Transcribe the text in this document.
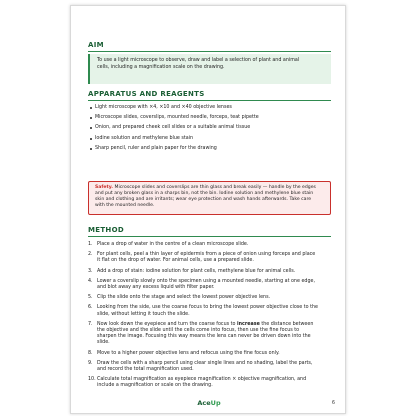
AIM
To use a light microscope to observe, draw and label a selection of plant and animal
cells, including a magnification scale on the drawing.
APPARATUS AND REAGENTS
Light microscope with ×4, ×10 and ×40 objective lenses
Microscope slides, coverslips, mounted needle, forceps, teat pipette
Onion, and prepared cheek cell slides or a suitable animal tissue
Iodine solution and methylene blue stain
Sharp pencil, ruler and plain paper for the drawing
Safety. Microscope slides and coverslips are thin glass and break easily — handle by the edges
and put any broken glass in a sharps bin, not the bin. Iodine solution and methylene blue stain
skin and clothing and are irritants; wear eye protection and wash hands afterwards. Take care
with the mounted needle.
METHOD
1. Place a drop of water in the centre of a clean microscope slide.
2. For plant cells, peel a thin layer of epidermis from a piece of onion using forceps and place
it flat on the drop of water. For animal cells, use a prepared slide.
3. Add a drop of stain: iodine solution for plant cells, methylene blue for animal cells.
4. Lower a coverslip slowly onto the specimen using a mounted needle, starting at one edge,
and blot away any excess liquid with filter paper.
5. Clip the slide onto the stage and select the lowest power objective lens.
6. Looking from the side, use the coarse focus to bring the lowest power objective close to the
slide, without letting it touch the slide.
7. Now look down the eyepiece and turn the coarse focus to increase the distance between
the objective and the slide until the cells come into focus, then use the fine focus to
sharpen the image. Focusing this way means the lens can never be driven down into the
slide.
8. Move to a higher power objective lens and refocus using the fine focus only.
9. Draw the cells with a sharp pencil using clear single lines and no shading, label the parts,
and record the total magnification used.
10. Calculate total magnification as eyepiece magnification × objective magnification, and
include a magnification or scale on the drawing.
AceUp	6
